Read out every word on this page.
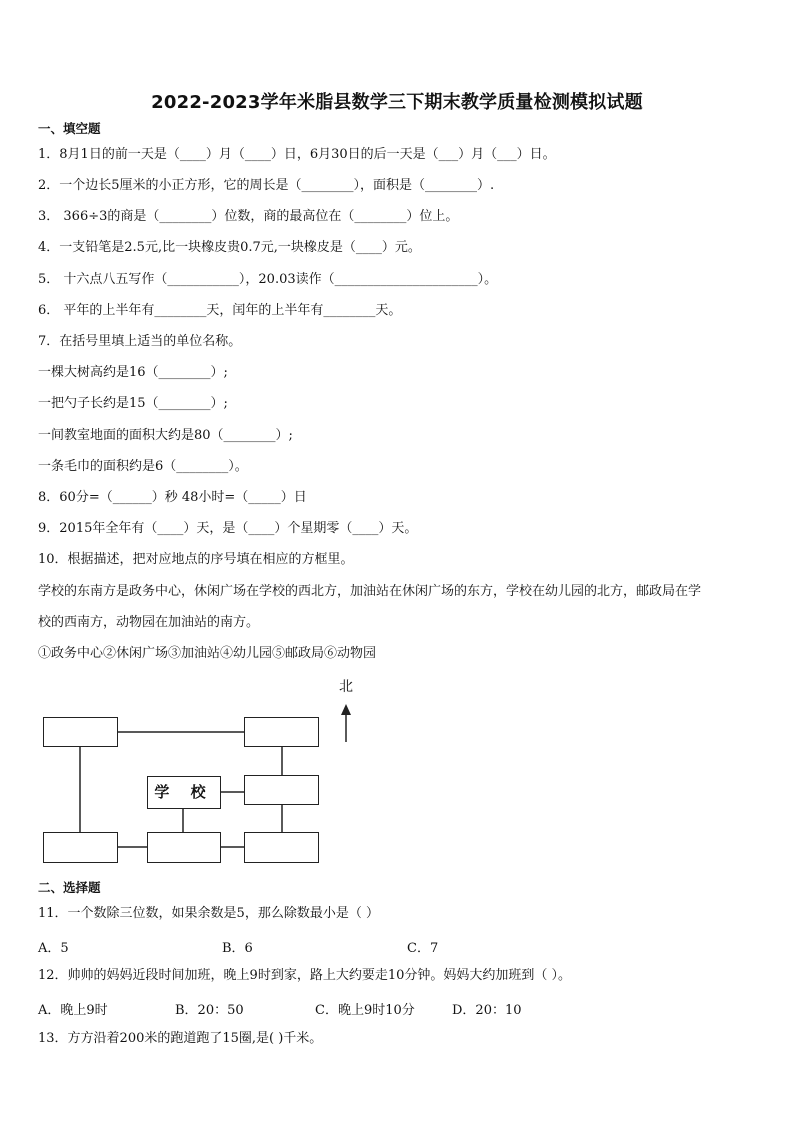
2022-2023学年米脂县数学三下期末教学质量检测模拟试题
一、填空题
1．8月1日的前一天是（____）月（____）日，6月30日的后一天是（___）月（___）日。
2．一个边长5厘米的小正方形，它的周长是（________），面积是（________）.
3． 366÷3的商是（________）位数，商的最高位在（________）位上。
4．一支铅笔是2.5元,比一块橡皮贵0.7元,一块橡皮是（____）元。
5． 十六点八五写作（___________），20.03读作（______________________）。
6． 平年的上半年有________天，闰年的上半年有________天。
7．在括号里填上适当的单位名称。
一棵大树高约是16（________）;
一把勺子长约是15（________）;
一间教室地面的面积大约是80（________）;
一条毛巾的面积约是6（________）。
8．60分=（______）秒 48小时=（_____）日
9．2015年全年有（____）天，是（____）个星期零（____）天。
10．根据描述，把对应地点的序号填在相应的方框里。
学校的东南方是政务中心，休闲广场在学校的西北方，加油站在休闲广场的东方，学校在幼儿园的北方，邮政局在学
校的西南方，动物园在加油站的南方。
①政务中心②休闲广场③加油站④幼儿园⑤邮政局⑥动物园
学 校
北
二、选择题
11．一个数除三位数，如果余数是5，那么除数最小是（ ）
A．5	B．6	C．7
12．帅帅的妈妈近段时间加班，晚上9时到家，路上大约要走10分钟。妈妈大约加班到（ ）。
A．晚上9时	B．20：50	C．晚上9时10分	D．20：10
13．方方沿着200米的跑道跑了15圈,是( )千米。
